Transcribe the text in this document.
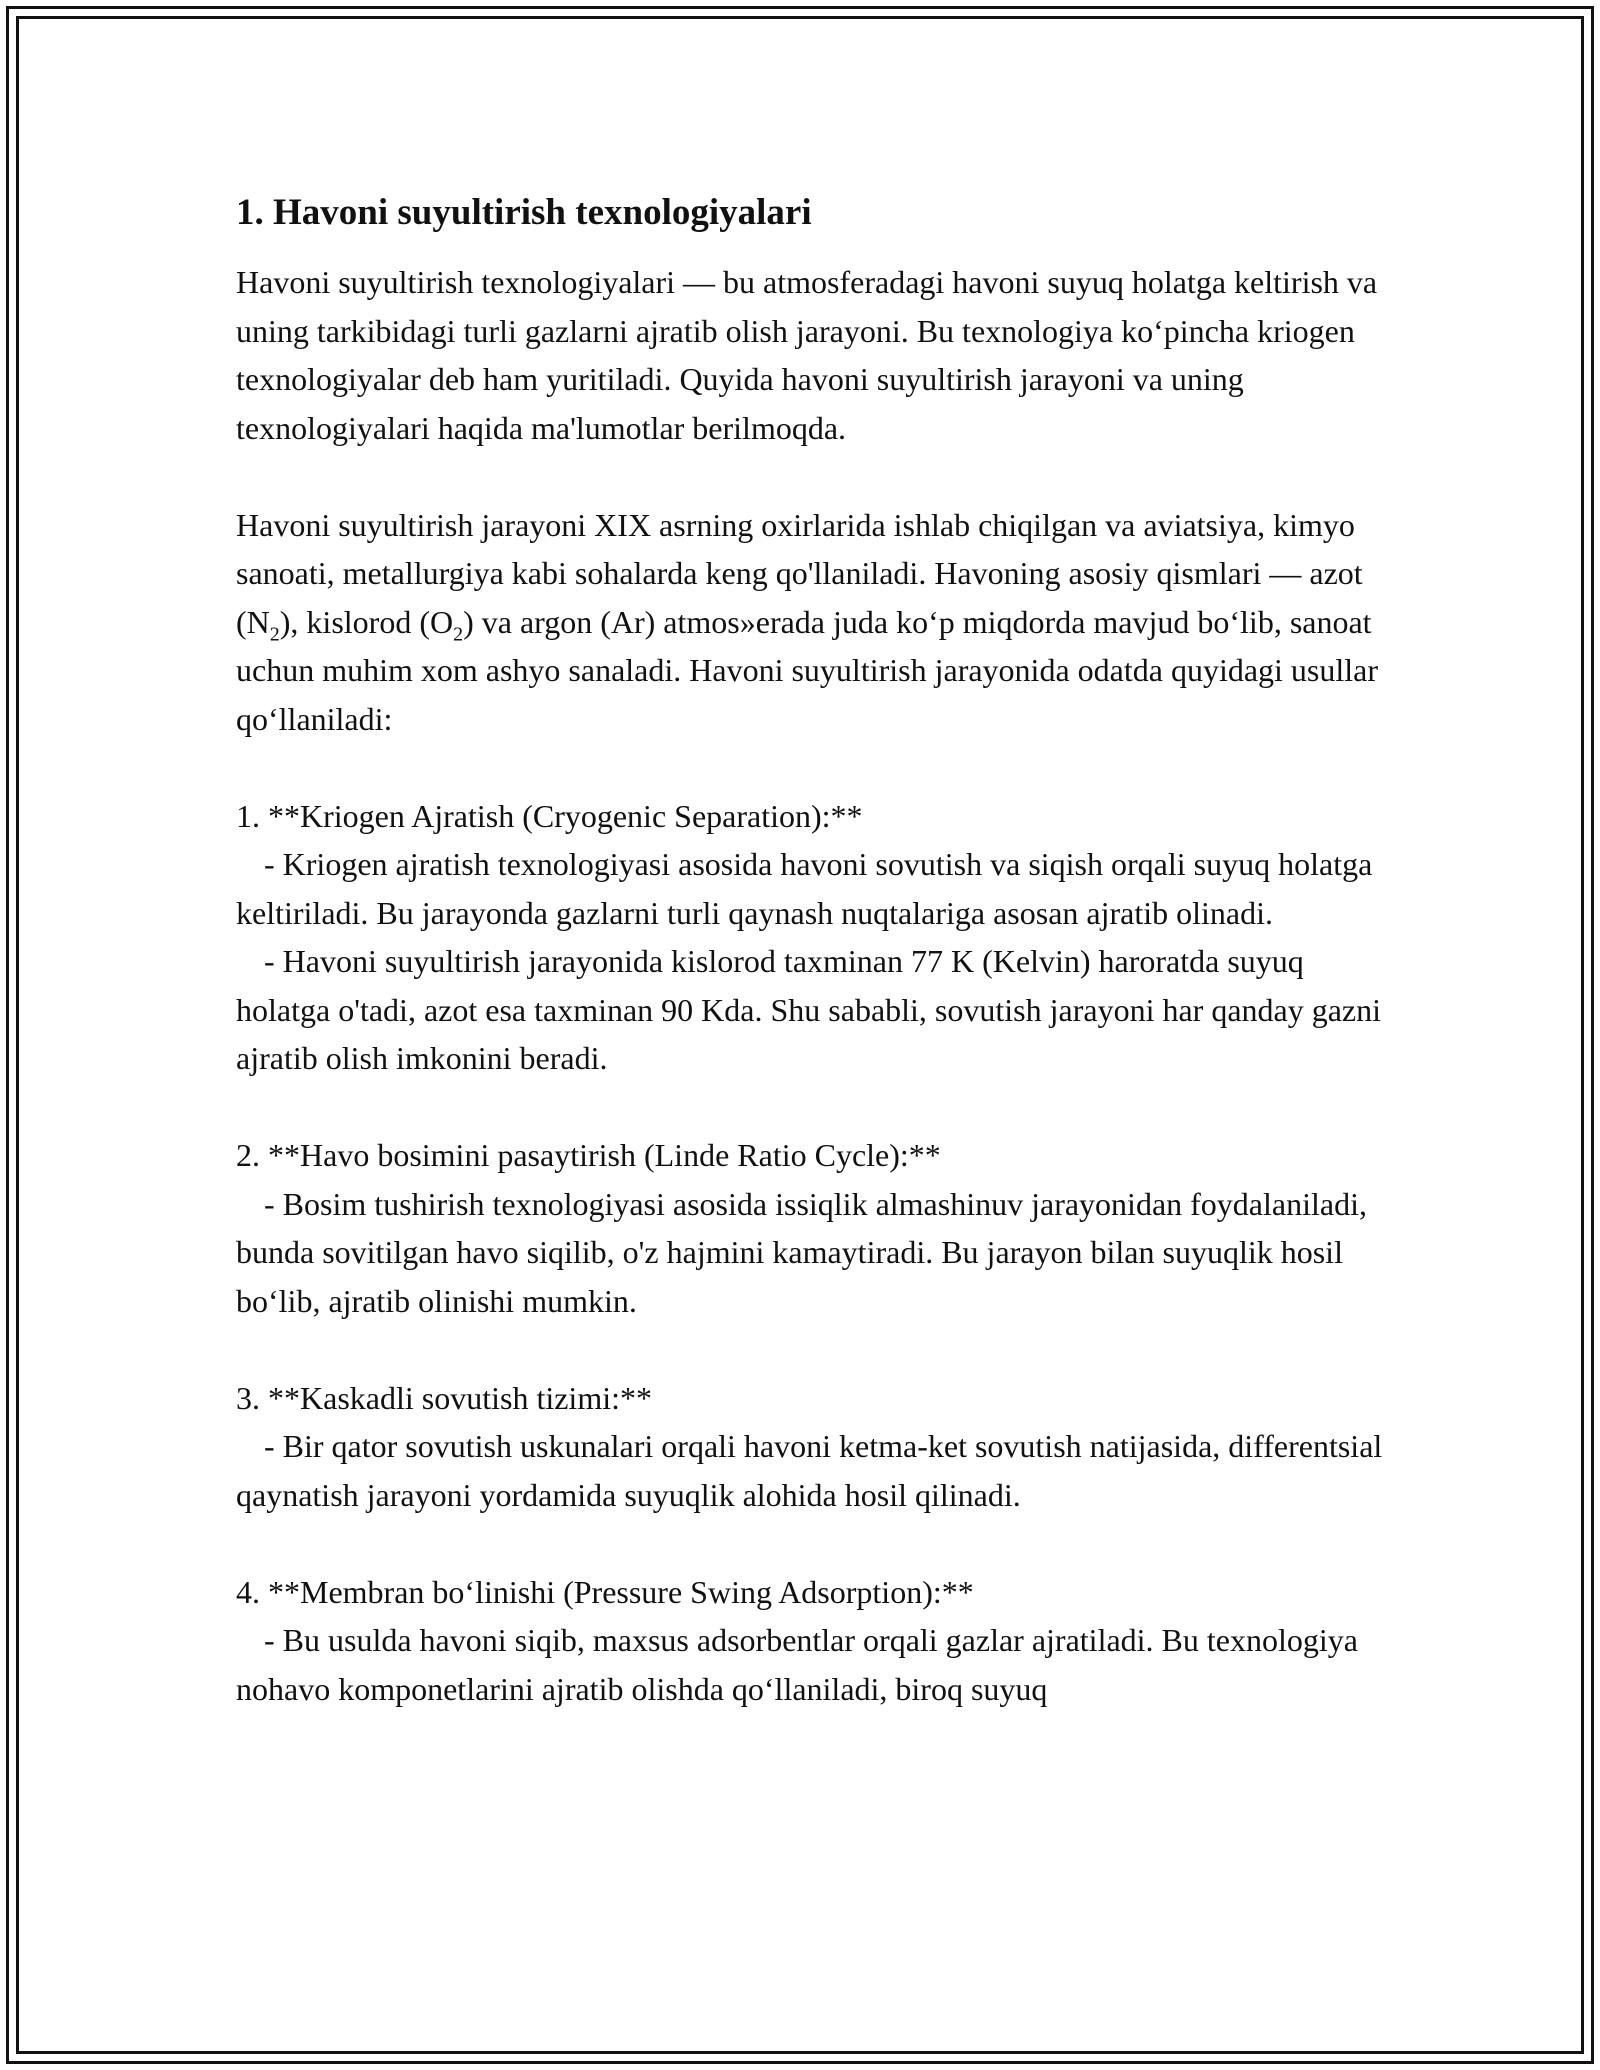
1. Havoni suyultirish texnologiyalari

Havoni suyultirish texnologiyalari — bu atmosferadagi havoni suyuq holatga keltirish va uning tarkibidagi turli gazlarni ajratib olish jarayoni. Bu texnologiya ko‘pincha kriogen texnologiyalar deb ham yuritiladi. Quyida havoni suyultirish jarayoni va uning texnologiyalari haqida ma'lumotlar berilmoqda.

Havoni suyultirish jarayoni XIX asrning oxirlarida ishlab chiqilgan va aviatsiya, kimyo sanoati, metallurgiya kabi sohalarda keng qo'llaniladi. Havoning asosiy qismlari — azot $(N_2)$, kislorod $(O_2)$ va argon (Ar) atmos»erada juda ko‘p miqdorda mavjud bo‘lib, sanoat uchun muhim xom ashyo sanaladi. Havoni suyultirish jarayonida odatda quyidagi usullar qo‘llaniladi:

1. **Kriogen Ajratish (Cryogenic Separation):**

- Kriogen ajratish texnologiyasi asosida havoni sovutish va siqish orqali suyuq holatga keltiriladi. Bu jarayonda gazlarni turli qaynash nuqtalariga asosan ajratib olinadi.

- Havoni suyultirish jarayonida kislorod taxminan 77 K (Kelvin) haroratda suyuq holatga o'tadi, azot esa taxminan 90 Kda. Shu sababli, sovutish jarayoni har qanday gazni ajratib olish imkonini beradi.

2. **Havo bosimini pasaytirish (Linde Ratio Cycle):**

- Bosim tushirish texnologiyasi asosida issiqlik almashinuv jarayonidan foydalaniladi, bunda sovitilgan havo siqilib, o'z hajmini kamaytiradi. Bu jarayon bilan suyuqlik hosil bo‘lib, ajratib olinishi mumkin.

3. **Kaskadli sovutish tizimi:**

- Bir qator sovutish uskunalari orqali havoni ketma-ket sovutish natijasida, differentsial qaynatish jarayoni yordamida suyuqlik alohida hosil qilinadi.

4. **Membran bo‘linishi (Pressure Swing Adsorption):**

- Bu usulda havoni siqib, maxsus adsorbentlar orqali gazlar ajratiladi. Bu texnologiya nohavo komponetlarini ajratib olishda qo‘llaniladi, biroq suyuq
